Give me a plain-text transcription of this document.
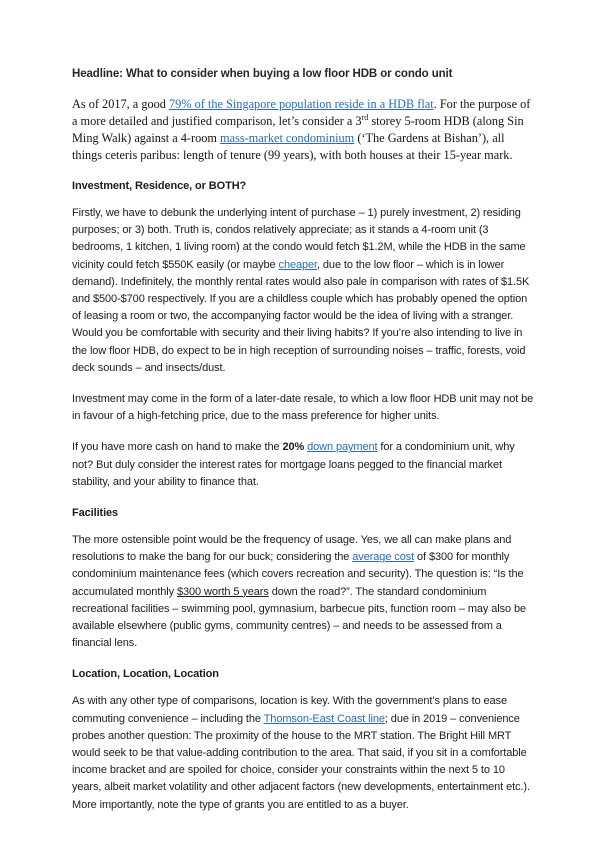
Headline: What to consider when buying a low floor HDB or condo unit

As of 2017, a good 79% of the Singapore population reside in a HDB flat. For the purpose of a more detailed and justified comparison, let’s consider a 3rd storey 5-room HDB (along Sin Ming Walk) against a 4-room mass-market condominium (‘The Gardens at Bishan’), all things ceteris paribus: length of tenure (99 years), with both houses at their 15-year mark.

Investment, Residence, or BOTH?

Firstly, we have to debunk the underlying intent of purchase – 1) purely investment, 2) residing purposes; or 3) both. Truth is, condos relatively appreciate; as it stands a 4-room unit (3 bedrooms, 1 kitchen, 1 living room) at the condo would fetch $1.2M, while the HDB in the same vicinity could fetch $550K easily (or maybe cheaper, due to the low floor – which is in lower demand). Indefinitely, the monthly rental rates would also pale in comparison with rates of $1.5K and $500-$700 respectively. If you are a childless couple which has probably opened the option of leasing a room or two, the accompanying factor would be the idea of living with a stranger. Would you be comfortable with security and their living habits? If you’re also intending to live in the low floor HDB, do expect to be in high reception of surrounding noises – traffic, forests, void deck sounds – and insects/dust.

Investment may come in the form of a later-date resale, to which a low floor HDB unit may not be in favour of a high-fetching price, due to the mass preference for higher units.

If you have more cash on hand to make the 20% down payment for a condominium unit, why not? But duly consider the interest rates for mortgage loans pegged to the financial market stability, and your ability to finance that.

Facilities

The more ostensible point would be the frequency of usage. Yes, we all can make plans and resolutions to make the bang for our buck; considering the average cost of $300 for monthly condominium maintenance fees (which covers recreation and security). The question is: “Is the accumulated monthly $300 worth 5 years down the road?”. The standard condominium recreational facilities – swimming pool, gymnasium, barbecue pits, function room – may also be available elsewhere (public gyms, community centres) – and needs to be assessed from a financial lens.

Location, Location, Location

As with any other type of comparisons, location is key. With the government’s plans to ease commuting convenience – including the Thomson-East Coast line; due in 2019 – convenience probes another question: The proximity of the house to the MRT station. The Bright Hill MRT would seek to be that value-adding contribution to the area. That said, if you sit in a comfortable income bracket and are spoiled for choice, consider your constraints within the next 5 to 10 years, albeit market volatility and other adjacent factors (new developments, entertainment etc.). More importantly, note the type of grants you are entitled to as a buyer.
